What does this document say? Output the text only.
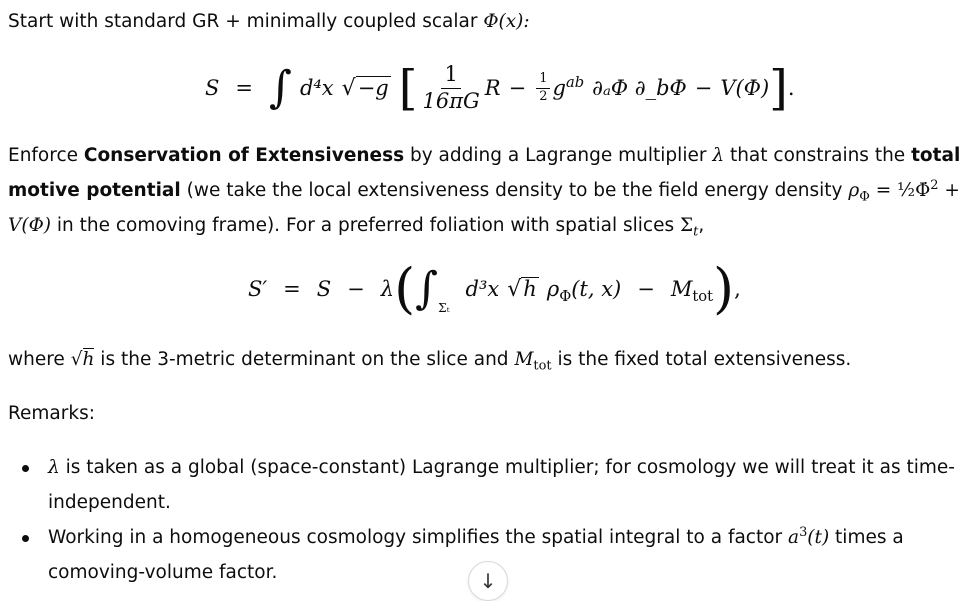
Start with standard GR + minimally coupled scalar Φ(x):
S = ∫ d⁴x √ −g [ $\frac{1}{16\pi G}$ $R - \frac{1}{2} g^{ab}$ ∂ₐΦ ∂_bΦ − V(Φ) ] .
Enforce Conservation of Extensiveness by adding a Lagrange multiplier λ that constrains the total motive potential (we take the local extensiveness density to be the field energy density $\rho_\Phi$ = ½Φ̇$^2$ + V(Φ) in the comoving frame). For a preferred foliation with spatial slices $\Sigma_t$,
S′ = S − λ ( ∫ Σₜ
d³x √ h $\rho_\Phi$ (t, $x) - M_{tot}$ ) ,
where √h is the 3-metric determinant on the slice and $M_{tot}$ is the fixed total extensiveness.
Remarks:
λ is taken as a global (space-constant) Lagrange multiplier; for cosmology we will treat it as time-independent.
Working in a homogeneous cosmology simplifies the spatial integral to a factor $a^3(t)$ times a comoving-volume factor.	↓
